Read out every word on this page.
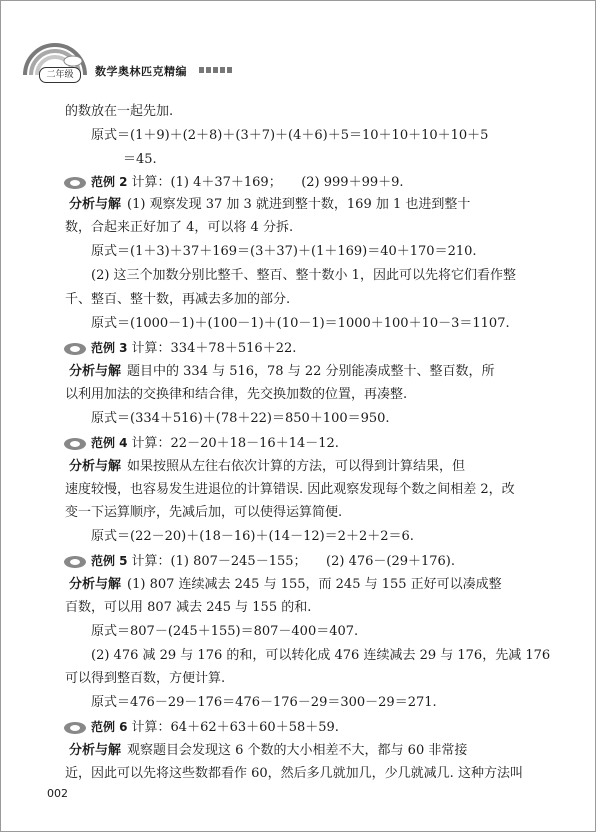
二年级	数学奥林匹克精编
的数放在一起先加.
原式＝(1＋9)＋(2＋8)＋(3＋7)＋(4＋6)＋5＝10＋10＋10＋10＋5
＝45.
范例 2 计算：(1) 4＋37＋169；　　(2) 999＋99＋9.
分析与解 (1) 观察发现 37 加 3 就进到整十数，169 加 1 也进到整十
数，合起来正好加了 4，可以将 4 分拆.
原式＝(1＋3)＋37＋169＝(3＋37)＋(1＋169)＝40＋170＝210.
(2) 这三个加数分别比整千、整百、整十数小 1，因此可以先将它们看作整
千、整百、整十数，再减去多加的部分.
原式＝(1000－1)＋(100－1)＋(10－1)＝1000＋100＋10－3＝1107.
范例 3 计算：334＋78＋516＋22.
分析与解 题目中的 334 与 516，78 与 22 分别能凑成整十、整百数，所
以利用加法的交换律和结合律，先交换加数的位置，再凑整.
原式＝(334＋516)＋(78＋22)＝850＋100＝950.
范例 4 计算：22－20＋18－16＋14－12.
分析与解 如果按照从左往右依次计算的方法，可以得到计算结果，但
速度较慢，也容易发生进退位的计算错误. 因此观察发现每个数之间相差 2，改
变一下运算顺序，先减后加，可以使得运算简便.
原式＝(22－20)＋(18－16)＋(14－12)＝2＋2＋2＝6.
范例 5 计算：(1) 807－245－155；　　(2) 476－(29＋176).
分析与解 (1) 807 连续减去 245 与 155，而 245 与 155 正好可以凑成整
百数，可以用 807 减去 245 与 155 的和.
原式＝807－(245＋155)＝807－400＝407.
(2) 476 减 29 与 176 的和，可以转化成 476 连续减去 29 与 176，先减 176
可以得到整百数，方便计算.
原式＝476－29－176＝476－176－29＝300－29＝271.
范例 6 计算：64＋62＋63＋60＋58＋59.
分析与解 观察题目会发现这 6 个数的大小相差不大，都与 60 非常接
近，因此可以先将这些数都看作 60，然后多几就加几，少几就减几. 这种方法叫
002
